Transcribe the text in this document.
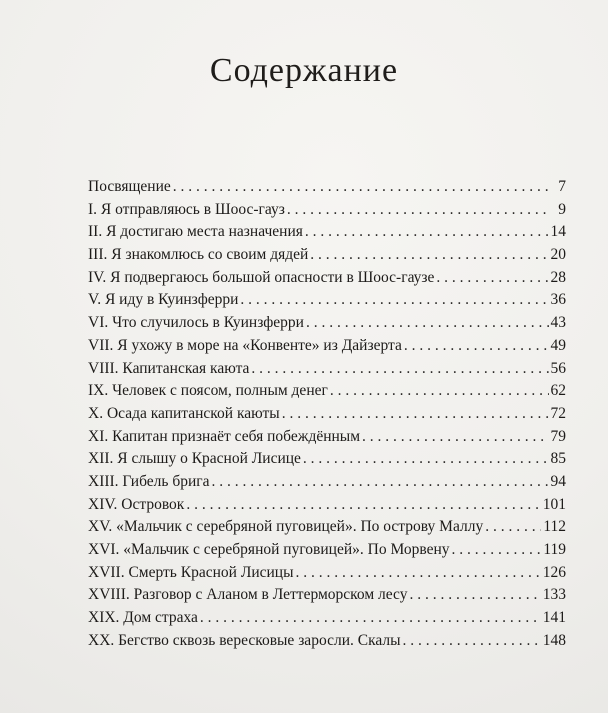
Содержание
Посвящение . . .	7
I. Я отправляюсь в Шоос-гауз . . .	9
II. Я достигаю места назначения . . .	14
III. Я знакомлюсь со своим дядей . . .	20
IV. Я подвергаюсь большой опасности в Шоос-гаузе . . .	28
V. Я иду в Куинзферри . . .	36
VI. Что случилось в Куинзферри . . .	43
VII. Я ухожу в море на «Конвенте» из Дайзерта . . .	49
VIII. Капитанская каюта . . .	56
IX. Человек с поясом, полным денег . . .	62
X. Осада капитанской каюты . . .	72
XI. Капитан признаёт себя побеждённым . . .	79
XII. Я слышу о Красной Лисице . . .	85
XIII. Гибель брига . . .	94
XIV. Островок . . .	101
XV. «Мальчик с серебряной пуговицей». По острову Маллу . . .	112
XVI. «Мальчик с серебряной пуговицей». По Морвену . . .	119
XVII. Смерть Красной Лисицы . . .	126
XVIII. Разговор с Аланом в Леттерморском лесу . . .	133
XIX. Дом страха . . .	141
XX. Бегство сквозь вересковые заросли. Скалы . . .	148
